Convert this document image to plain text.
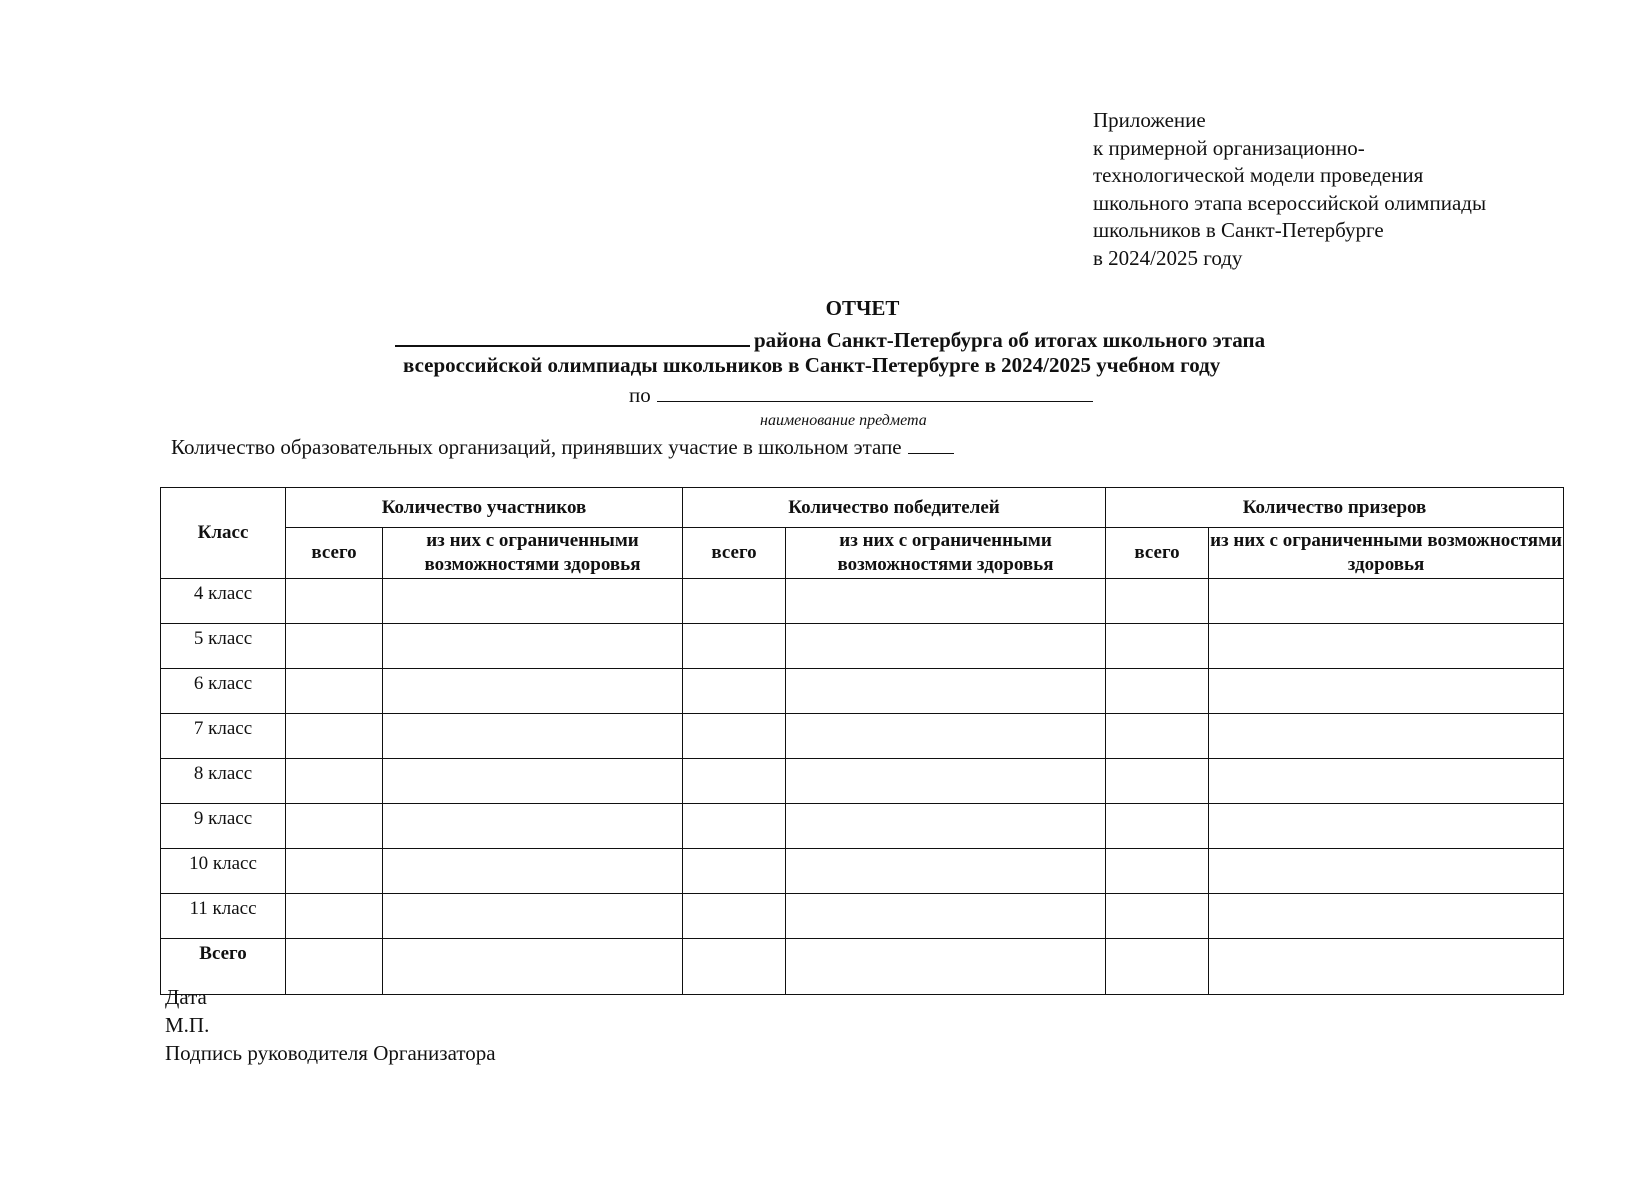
Приложение
к примерной организационно-
технологической модели проведения
школьного этапа всероссийской олимпиады
школьников в Санкт-Петербурге
в 2024/2025 году
ОТЧЕТ
района Санкт-Петербурга об итогах школьного этапа
всероссийской олимпиады школьников в Санкт-Петербурге в 2024/2025 учебном году
по
наименование предмета
Количество образовательных организаций, принявших участие в школьном этапе
Класс	Количество участников		Количество победителей		Количество призеров	
	всего	из них с ограниченными возможностями здоровья	всего	из них с ограниченными возможностями здоровья	всего	из них с ограниченными возможностями здоровья
4 класс						
5 класс						
6 класс						
7 класс						
8 класс						
9 класс						
10 класс						
11 класс						
Всего						
Дата
М.П.
Подпись руководителя Организатора
